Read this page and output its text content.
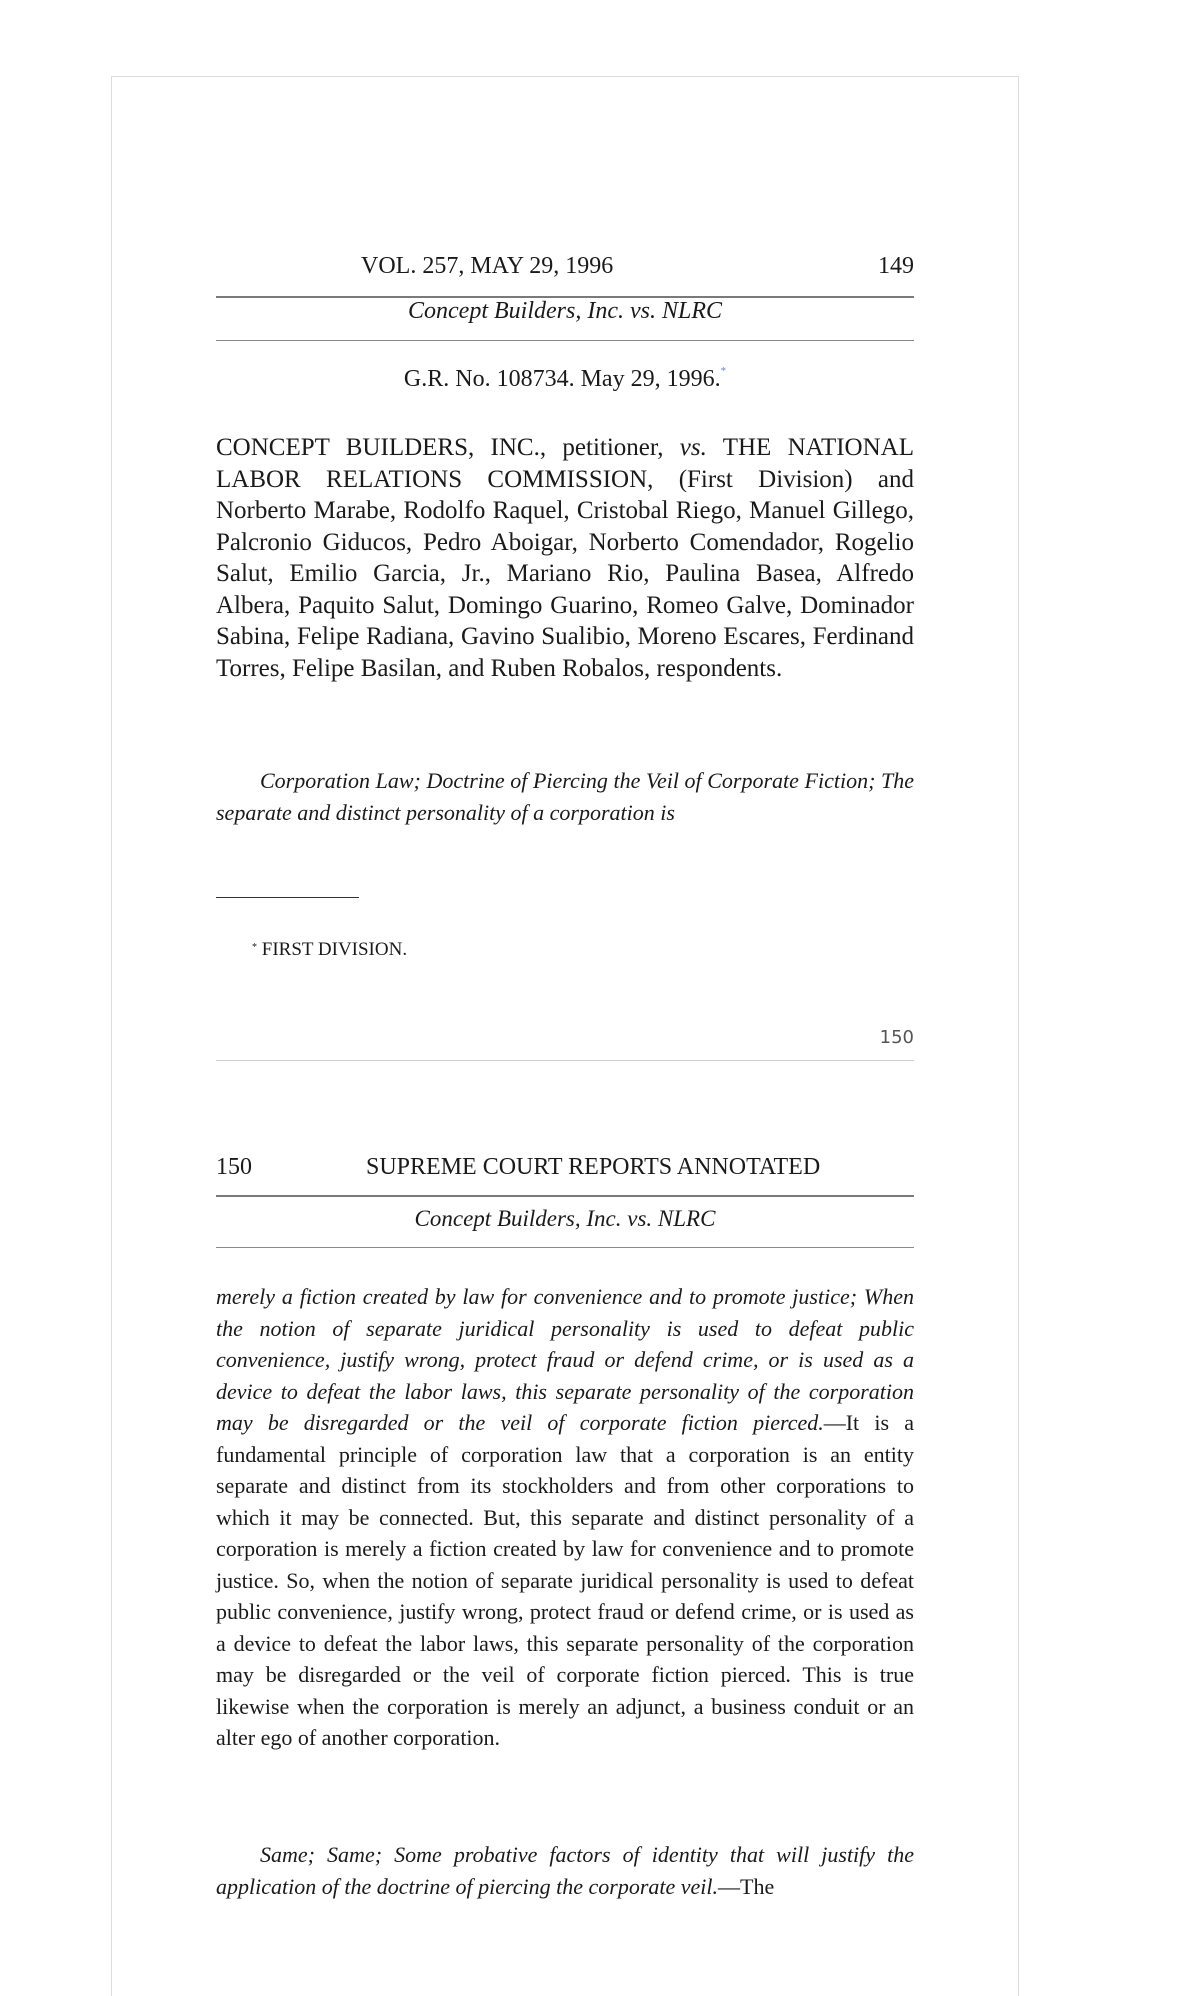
VOL. 257, MAY 29, 1996	149
Concept Builders, Inc. vs. NLRC
G.R. No. 108734. May 29, 1996.*
CONCEPT BUILDERS, INC., petitioner, vs. THE NATIONAL LABOR RELATIONS COMMISSION, (First Division) and Norberto Marabe, Rodolfo Raquel, Cristobal Riego, Manuel Gillego, Palcronio Giducos, Pedro Aboigar, Norberto Comendador, Rogelio Salut, Emilio Garcia, Jr., Mariano Rio, Paulina Basea, Alfredo Albera, Paquito Salut, Domingo Guarino, Romeo Galve, Dominador Sabina, Felipe Radiana, Gavino Sualibio, Moreno Escares, Ferdinand Torres, Felipe Basilan, and Ruben Robalos, respondents.
Corporation Law; Doctrine of Piercing the Veil of Corporate Fiction; The separate and distinct personality of a corporation is
* FIRST DIVISION.
150
150	SUPREME COURT REPORTS ANNOTATED
Concept Builders, Inc. vs. NLRC
merely a fiction created by law for convenience and to promote justice; When the notion of separate juridical personality is used to defeat public convenience, justify wrong, protect fraud or defend crime, or is used as a device to defeat the labor laws, this separate personality of the corporation may be disregarded or the veil of corporate fiction pierced.—It is a fundamental principle of corporation law that a corporation is an entity separate and distinct from its stockholders and from other corporations to which it may be connected. But, this separate and distinct personality of a corporation is merely a fiction created by law for convenience and to promote justice. So, when the notion of separate juridical personality is used to defeat public convenience, justify wrong, protect fraud or defend crime, or is used as a device to defeat the labor laws, this separate personality of the corporation may be disregarded or the veil of corporate fiction pierced. This is true likewise when the corporation is merely an adjunct, a business conduit or an alter ego of another corporation.
Same; Same; Some probative factors of identity that will justify the application of the doctrine of piercing the corporate veil.—The
